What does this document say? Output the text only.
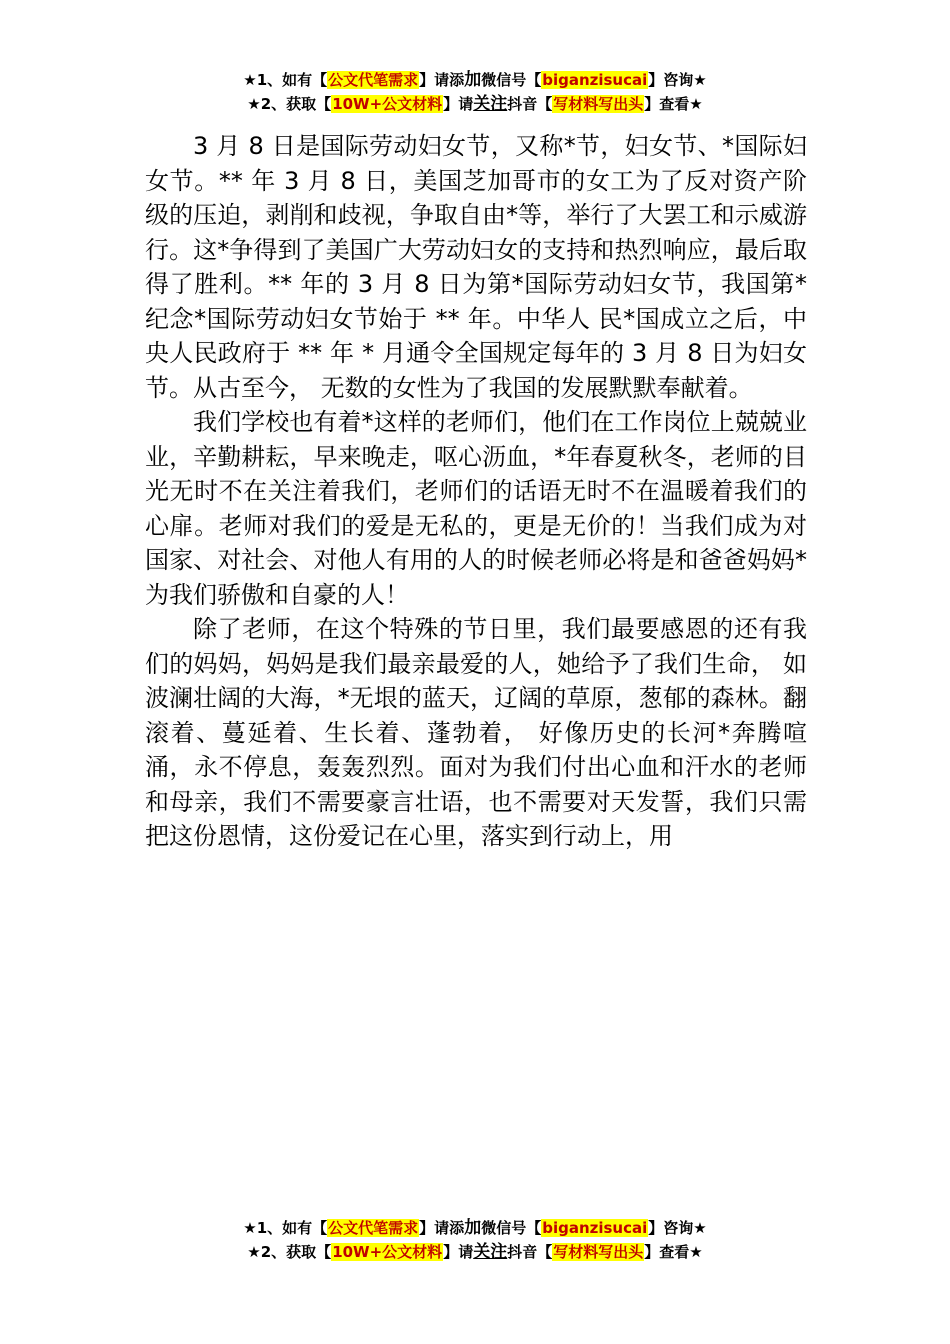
★1、如有【公文代笔需求】请添加微信号【biganzisucai】咨询★
★2、获取【10W+公文材料】请关注抖音【写材料写出头】查看★

3 月 8 日是国际劳动妇女节，又称*节，妇女节、*国际妇女节。** 年 3 月 8 日，美国芝加哥市的女工为了反对资产阶级的压迫，剥削和歧视，争取自由*等，举行了大罢工和示威游行。这*争得到了美国广大劳动妇女的支持和热烈响应，最后取得了胜利。** 年的 3 月 8 日为第*国际劳动妇女节，我国第*纪念*国际劳动妇女节始于 ** 年。中华人 民*国成立之后，中央人民政府于 ** 年 * 月通令全国规定每年的 3 月 8 日为妇女节。从古至今， 无数的女性为了我国的发展默默奉献着。

我们学校也有着*这样的老师们，他们在工作岗位上兢兢业业，辛勤耕耘，早来晚走，呕心沥血，*年春夏秋冬，老师的目光无时不在关注着我们，老师们的话语无时不在温暖着我们的心扉。老师对我们的爱是无私的，更是无价的！当我们成为对国家、对社会、对他人有用的人的时候老师必将是和爸爸妈妈*为我们骄傲和自豪的人！

除了老师，在这个特殊的节日里，我们最要感恩的还有我们的妈妈，妈妈是我们最亲最爱的人，她给予了我们生命， 如波澜壮阔的大海，*无垠的蓝天，辽阔的草原，葱郁的森林。翻滚着、蔓延着、生长着、蓬勃着， 好像历史的长河*奔腾喧涌，永不停息，轰轰烈烈。面对为我们付出心血和汗水的老师和母亲，我们不需要豪言壮语，也不需要对天发誓，我们只需把这份恩情，这份爱记在心里，落实到行动上，用

★1、如有【公文代笔需求】请添加微信号【biganzisucai】咨询★
★2、获取【10W+公文材料】请关注抖音【写材料写出头】查看★
